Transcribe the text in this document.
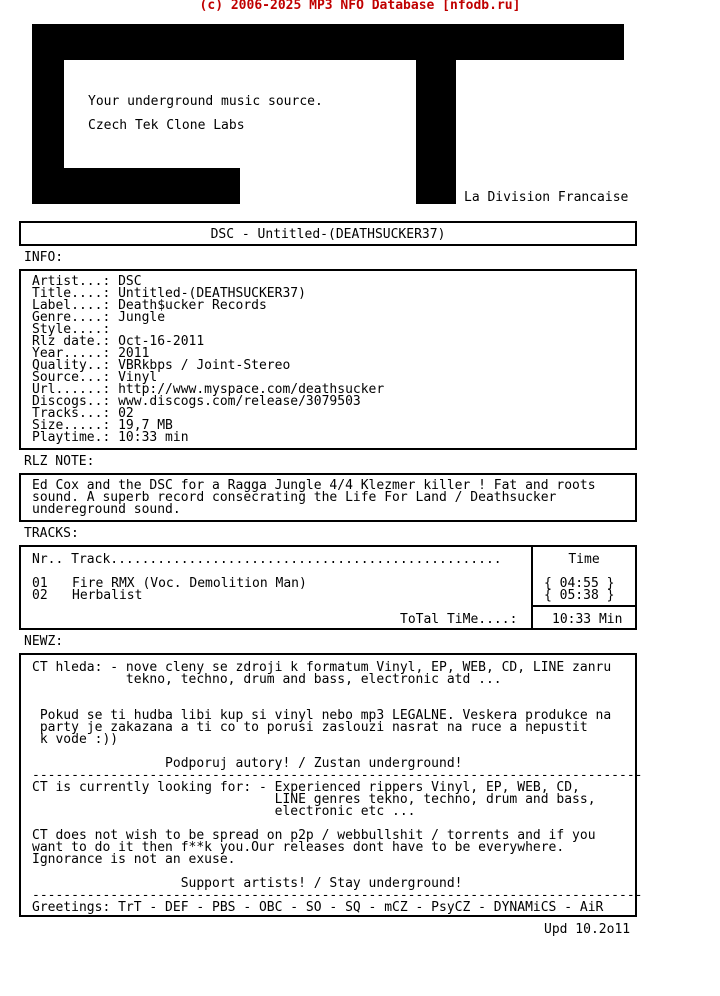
(c) 2006-2025 MP3 NFO Database [nfodb.ru]
Your underground music source.
Czech Tek Clone Labs
La Division Francaise
DSC - Untitled-(DEATHSUCKER37)
INFO:
Artist...: DSC
Title....: Untitled-(DEATHSUCKER37)
Label....: Death$ucker Records
Genre....: Jungle
Style....:
Rlz date.: Oct-16-2011
Year.....: 2011
Quality..: VBRkbps / Joint-Stereo
Source...: Vinyl
Url......: http://www.myspace.com/deathsucker
Discogs..: www.discogs.com/release/3079503
Tracks...: 02
Size.....: 19,7 MB
Playtime.: 10:33 min
RLZ NOTE:
Ed Cox and the DSC for a Ragga Jungle 4/4 Klezmer killer ! Fat and roots
sound. A superb record consecrating the Life For Land / Deathsucker
undereground sound.
TRACKS:
Nr.. Track..................................................	Time
01 Fire RMX (Voc. Demolition Man)	{ 04:55 }
02 Herbalist	{ 05:38 }
ToTal TiMe....:	10:33 Min
NEWZ:
CT hleda: - nove cleny se zdroji k formatum Vinyl, EP, WEB, CD, LINE zanru
tekno, techno, drum and bass, electronic atd ...
Pokud se ti hudba libi kup si vinyl nebo mp3 LEGALNE. Veskera produkce na
party je zakazana a ti co to porusi zaslouzi nasrat na ruce a nepustit
k vode :))
Podporuj autory! / Zustan underground!
------------------------------------------------------------------------------
CT is currently looking for: - Experienced rippers Vinyl, EP, WEB, CD,
LINE genres tekno, techno, drum and bass,
electronic etc ...
CT does not wish to be spread on p2p / webbullshit / torrents and if you
want to do it then f**k you.Our releases dont have to be everywhere.
Ignorance is not an exuse.
Support artists! / Stay underground!
------------------------------------------------------------------------------
Greetings: TrT - DEF - PBS - OBC - SO - SQ - mCZ - PsyCZ - DYNAMiCS - AiR
Upd 10.2o11
